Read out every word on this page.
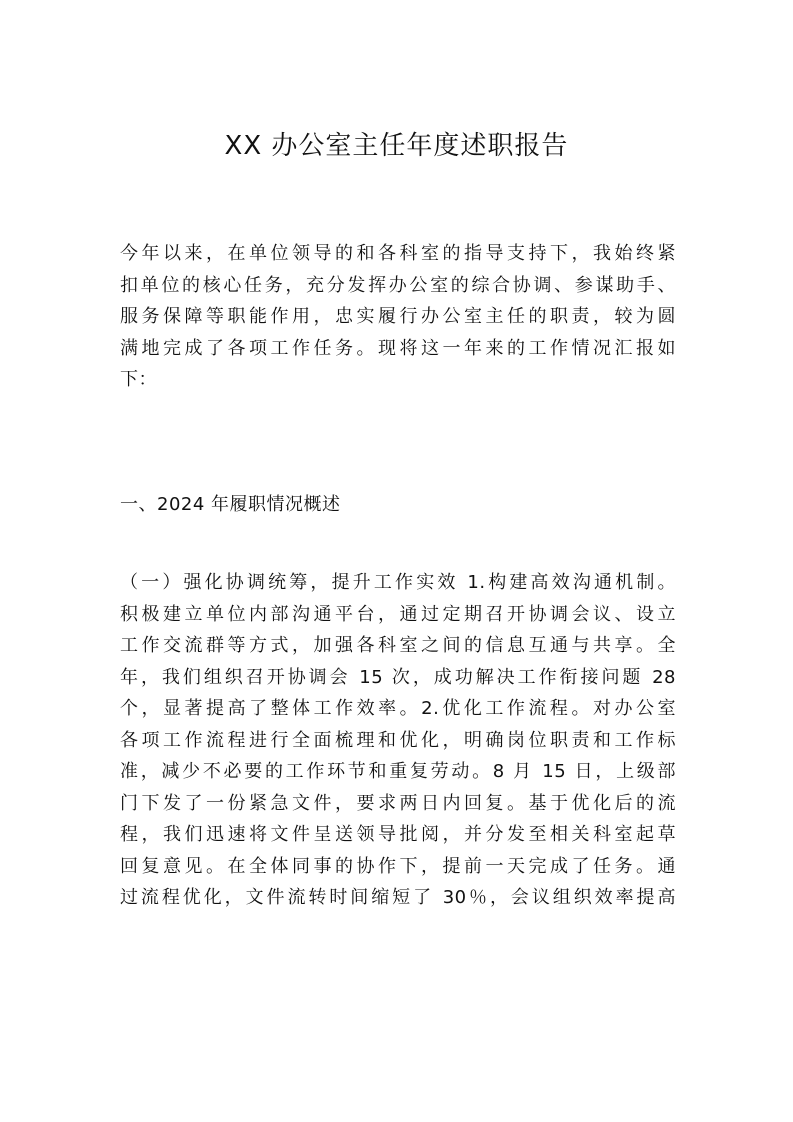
XX 办公室主任年度述职报告
今年以来，在单位领导的和各科室的指导支持下，我始终紧
扣单位的核心任务，充分发挥办公室的综合协调、参谋助手、
服务保障等职能作用，忠实履行办公室主任的职责，较为圆
满地完成了各项工作任务。现将这一年来的工作情况汇报如
下：
一、2024 年履职情况概述
（一）强化协调统筹，提升工作实效 1.构建高效沟通机制。
积极建立单位内部沟通平台，通过定期召开协调会议、设立
工作交流群等方式，加强各科室之间的信息互通与共享。全
年，我们组织召开协调会 15 次，成功解决工作衔接问题 28
个，显著提高了整体工作效率。2.优化工作流程。对办公室
各项工作流程进行全面梳理和优化，明确岗位职责和工作标
准，减少不必要的工作环节和重复劳动。8 月 15 日，上级部
门下发了一份紧急文件，要求两日内回复。基于优化后的流
程，我们迅速将文件呈送领导批阅，并分发至相关科室起草
回复意见。在全体同事的协作下，提前一天完成了任务。通
过流程优化，文件流转时间缩短了 30％，会议组织效率提高
